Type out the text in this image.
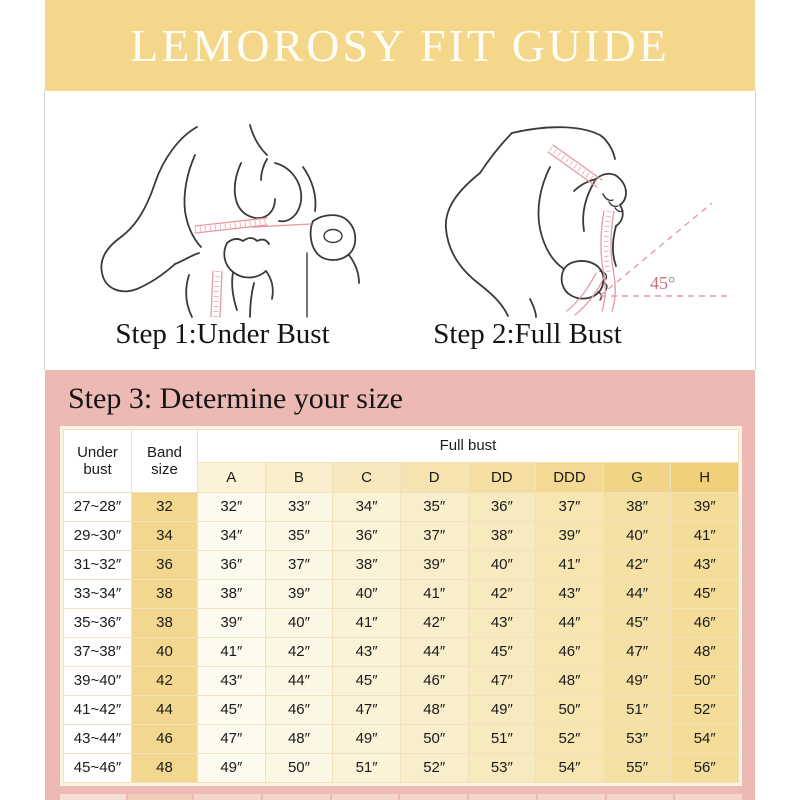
LEMOROSY FIT GUIDE
Step 1:Under Bust
45°
Step 2:Full Bust
Step 3: Determine your size
Under bust	Band size	Full bust							
		A	B	C	D	DD	DDD	G	H
27~28″	32	32″	33″	34″	35″	36″	37″	38″	39″
29~30″	34	34″	35″	36″	37″	38″	39″	40″	41″
31~32″	36	36″	37″	38″	39″	40″	41″	42″	43″
33~34″	38	38″	39″	40″	41″	42″	43″	44″	45″
35~36″	38	39″	40″	41″	42″	43″	44″	45″	46″
37~38″	40	41″	42″	43″	44″	45″	46″	47″	48″
39~40″	42	43″	44″	45″	46″	47″	48″	49″	50″
41~42″	44	45″	46″	47″	48″	49″	50″	51″	52″
43~44″	46	47″	48″	49″	50″	51″	52″	53″	54″
45~46″	48	49″	50″	51″	52″	53″	54″	55″	56″
